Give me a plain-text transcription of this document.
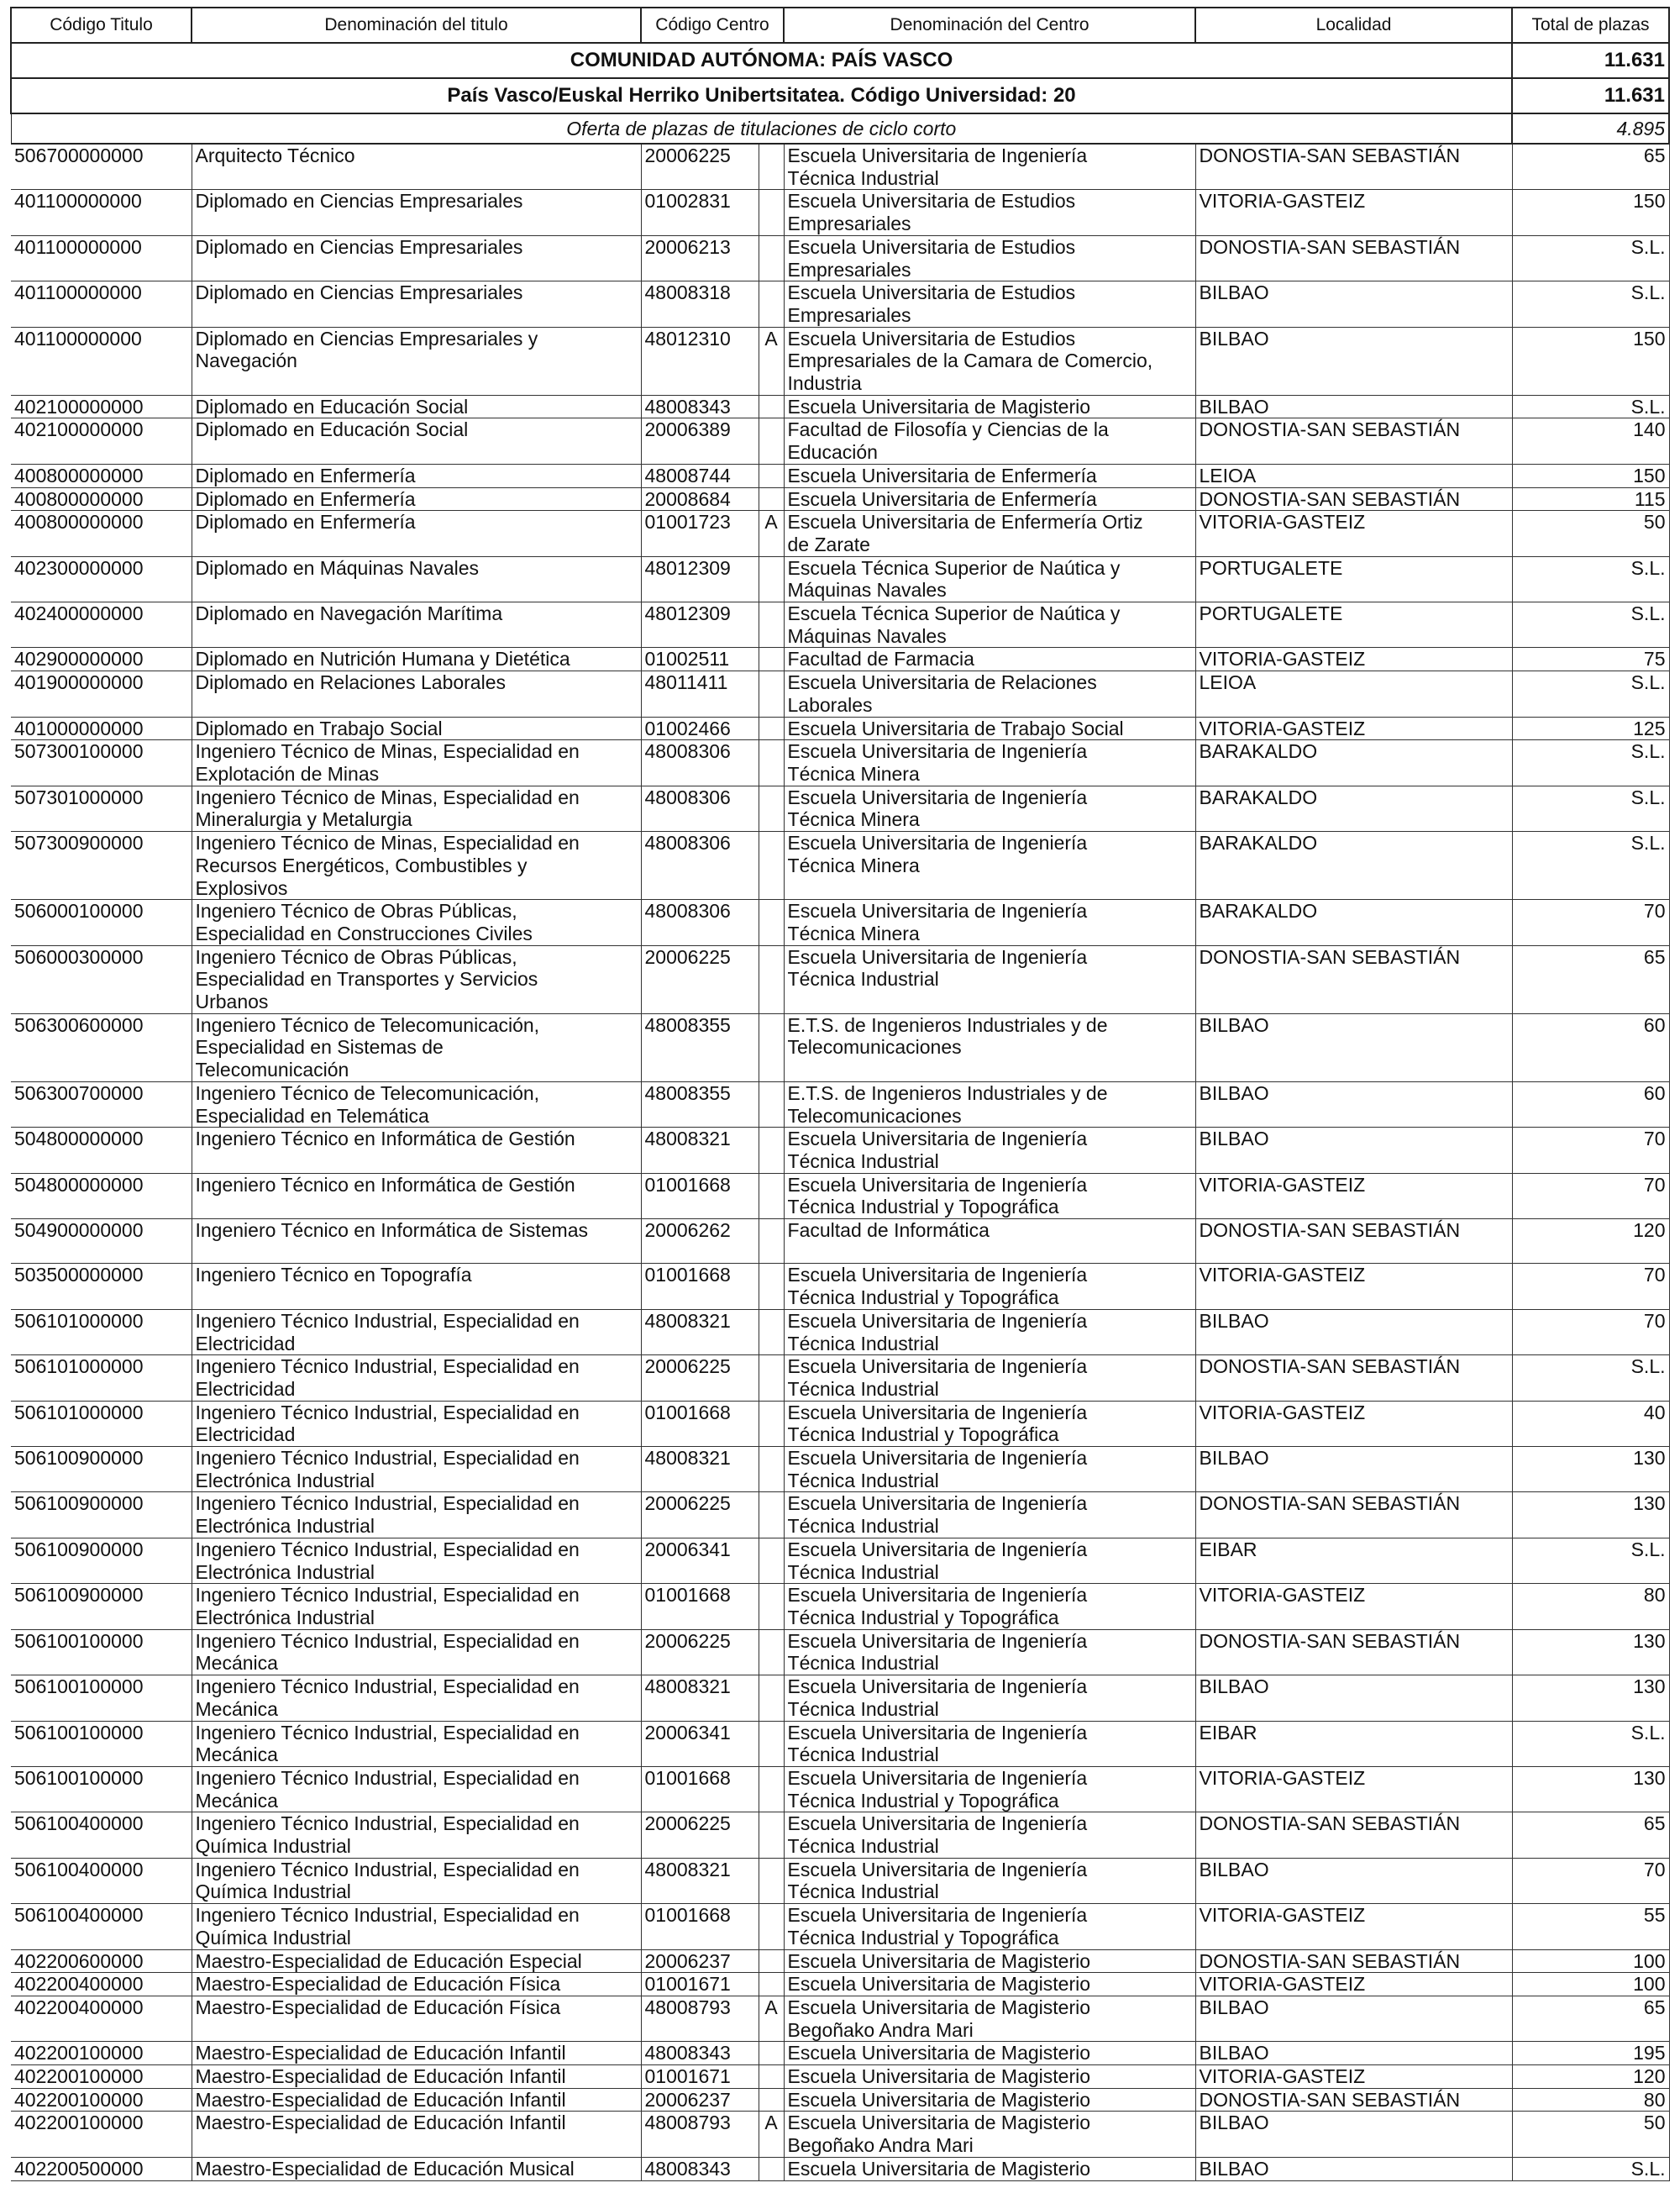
Código Titulo	Denominación del titulo	Código Centro		Denominación del Centro	Localidad	Total de plazas
COMUNIDAD AUTÓNOMA: PAÍS VASCO						11.631
País Vasco/Euskal Herriko Unibertsitatea. Código Universidad: 20						11.631
Oferta de plazas de titulaciones de ciclo corto						4.895
506700000000	Arquitecto Técnico	20006225		Escuela Universitaria de Ingeniería
Técnica Industrial	DONOSTIA-SAN SEBASTIÁN	65
401100000000	Diplomado en Ciencias Empresariales	01002831		Escuela Universitaria de Estudios
Empresariales	VITORIA-GASTEIZ	150
401100000000	Diplomado en Ciencias Empresariales	20006213		Escuela Universitaria de Estudios
Empresariales	DONOSTIA-SAN SEBASTIÁN	S.L.
401100000000	Diplomado en Ciencias Empresariales	48008318		Escuela Universitaria de Estudios
Empresariales	BILBAO	S.L.
401100000000	Diplomado en Ciencias Empresariales y
Navegación	48012310	A	Escuela Universitaria de Estudios
Empresariales de la Camara de Comercio,
Industria	BILBAO	150
402100000000	Diplomado en Educación Social	48008343		Escuela Universitaria de Magisterio	BILBAO	S.L.
402100000000	Diplomado en Educación Social	20006389		Facultad de Filosofía y Ciencias de la
Educación	DONOSTIA-SAN SEBASTIÁN	140
400800000000	Diplomado en Enfermería	48008744		Escuela Universitaria de Enfermería	LEIOA	150
400800000000	Diplomado en Enfermería	20008684		Escuela Universitaria de Enfermería	DONOSTIA-SAN SEBASTIÁN	115
400800000000	Diplomado en Enfermería	01001723	A	Escuela Universitaria de Enfermería Ortiz
de Zarate	VITORIA-GASTEIZ	50
402300000000	Diplomado en Máquinas Navales	48012309		Escuela Técnica Superior de Naútica y
Máquinas Navales	PORTUGALETE	S.L.
402400000000	Diplomado en Navegación Marítima	48012309		Escuela Técnica Superior de Naútica y
Máquinas Navales	PORTUGALETE	S.L.
402900000000	Diplomado en Nutrición Humana y Dietética	01002511		Facultad de Farmacia	VITORIA-GASTEIZ	75
401900000000	Diplomado en Relaciones Laborales	48011411		Escuela Universitaria de Relaciones
Laborales	LEIOA	S.L.
401000000000	Diplomado en Trabajo Social	01002466		Escuela Universitaria de Trabajo Social	VITORIA-GASTEIZ	125
507300100000	Ingeniero Técnico de Minas, Especialidad en
Explotación de Minas	48008306		Escuela Universitaria de Ingeniería
Técnica Minera	BARAKALDO	S.L.
507301000000	Ingeniero Técnico de Minas, Especialidad en
Mineralurgia y Metalurgia	48008306		Escuela Universitaria de Ingeniería
Técnica Minera	BARAKALDO	S.L.
507300900000	Ingeniero Técnico de Minas, Especialidad en
Recursos Energéticos, Combustibles y
Explosivos	48008306		Escuela Universitaria de Ingeniería
Técnica Minera	BARAKALDO	S.L.
506000100000	Ingeniero Técnico de Obras Públicas,
Especialidad en Construcciones Civiles	48008306		Escuela Universitaria de Ingeniería
Técnica Minera	BARAKALDO	70
506000300000	Ingeniero Técnico de Obras Públicas,
Especialidad en Transportes y Servicios
Urbanos	20006225		Escuela Universitaria de Ingeniería
Técnica Industrial	DONOSTIA-SAN SEBASTIÁN	65
506300600000	Ingeniero Técnico de Telecomunicación,
Especialidad en Sistemas de
Telecomunicación	48008355		E.T.S. de Ingenieros Industriales y de
Telecomunicaciones	BILBAO	60
506300700000	Ingeniero Técnico de Telecomunicación,
Especialidad en Telemática	48008355		E.T.S. de Ingenieros Industriales y de
Telecomunicaciones	BILBAO	60
504800000000	Ingeniero Técnico en Informática de Gestión	48008321		Escuela Universitaria de Ingeniería
Técnica Industrial	BILBAO	70
504800000000	Ingeniero Técnico en Informática de Gestión	01001668		Escuela Universitaria de Ingeniería
Técnica Industrial y Topográfica	VITORIA-GASTEIZ	70
504900000000	Ingeniero Técnico en Informática de Sistemas	20006262		Facultad de Informática	DONOSTIA-SAN SEBASTIÁN	120
503500000000	Ingeniero Técnico en Topografía	01001668		Escuela Universitaria de Ingeniería
Técnica Industrial y Topográfica	VITORIA-GASTEIZ	70
506101000000	Ingeniero Técnico Industrial, Especialidad en
Electricidad	48008321		Escuela Universitaria de Ingeniería
Técnica Industrial	BILBAO	70
506101000000	Ingeniero Técnico Industrial, Especialidad en
Electricidad	20006225		Escuela Universitaria de Ingeniería
Técnica Industrial	DONOSTIA-SAN SEBASTIÁN	S.L.
506101000000	Ingeniero Técnico Industrial, Especialidad en
Electricidad	01001668		Escuela Universitaria de Ingeniería
Técnica Industrial y Topográfica	VITORIA-GASTEIZ	40
506100900000	Ingeniero Técnico Industrial, Especialidad en
Electrónica Industrial	48008321		Escuela Universitaria de Ingeniería
Técnica Industrial	BILBAO	130
506100900000	Ingeniero Técnico Industrial, Especialidad en
Electrónica Industrial	20006225		Escuela Universitaria de Ingeniería
Técnica Industrial	DONOSTIA-SAN SEBASTIÁN	130
506100900000	Ingeniero Técnico Industrial, Especialidad en
Electrónica Industrial	20006341		Escuela Universitaria de Ingeniería
Técnica Industrial	EIBAR	S.L.
506100900000	Ingeniero Técnico Industrial, Especialidad en
Electrónica Industrial	01001668		Escuela Universitaria de Ingeniería
Técnica Industrial y Topográfica	VITORIA-GASTEIZ	80
506100100000	Ingeniero Técnico Industrial, Especialidad en
Mecánica	20006225		Escuela Universitaria de Ingeniería
Técnica Industrial	DONOSTIA-SAN SEBASTIÁN	130
506100100000	Ingeniero Técnico Industrial, Especialidad en
Mecánica	48008321		Escuela Universitaria de Ingeniería
Técnica Industrial	BILBAO	130
506100100000	Ingeniero Técnico Industrial, Especialidad en
Mecánica	20006341		Escuela Universitaria de Ingeniería
Técnica Industrial	EIBAR	S.L.
506100100000	Ingeniero Técnico Industrial, Especialidad en
Mecánica	01001668		Escuela Universitaria de Ingeniería
Técnica Industrial y Topográfica	VITORIA-GASTEIZ	130
506100400000	Ingeniero Técnico Industrial, Especialidad en
Química Industrial	20006225		Escuela Universitaria de Ingeniería
Técnica Industrial	DONOSTIA-SAN SEBASTIÁN	65
506100400000	Ingeniero Técnico Industrial, Especialidad en
Química Industrial	48008321		Escuela Universitaria de Ingeniería
Técnica Industrial	BILBAO	70
506100400000	Ingeniero Técnico Industrial, Especialidad en
Química Industrial	01001668		Escuela Universitaria de Ingeniería
Técnica Industrial y Topográfica	VITORIA-GASTEIZ	55
402200600000	Maestro-Especialidad de Educación Especial	20006237		Escuela Universitaria de Magisterio	DONOSTIA-SAN SEBASTIÁN	100
402200400000	Maestro-Especialidad de Educación Física	01001671		Escuela Universitaria de Magisterio	VITORIA-GASTEIZ	100
402200400000	Maestro-Especialidad de Educación Física	48008793	A	Escuela Universitaria de Magisterio
Begoñako Andra Mari	BILBAO	65
402200100000	Maestro-Especialidad de Educación Infantil	48008343		Escuela Universitaria de Magisterio	BILBAO	195
402200100000	Maestro-Especialidad de Educación Infantil	01001671		Escuela Universitaria de Magisterio	VITORIA-GASTEIZ	120
402200100000	Maestro-Especialidad de Educación Infantil	20006237		Escuela Universitaria de Magisterio	DONOSTIA-SAN SEBASTIÁN	80
402200100000	Maestro-Especialidad de Educación Infantil	48008793	A	Escuela Universitaria de Magisterio
Begoñako Andra Mari	BILBAO	50
402200500000	Maestro-Especialidad de Educación Musical	48008343		Escuela Universitaria de Magisterio	BILBAO	S.L.
